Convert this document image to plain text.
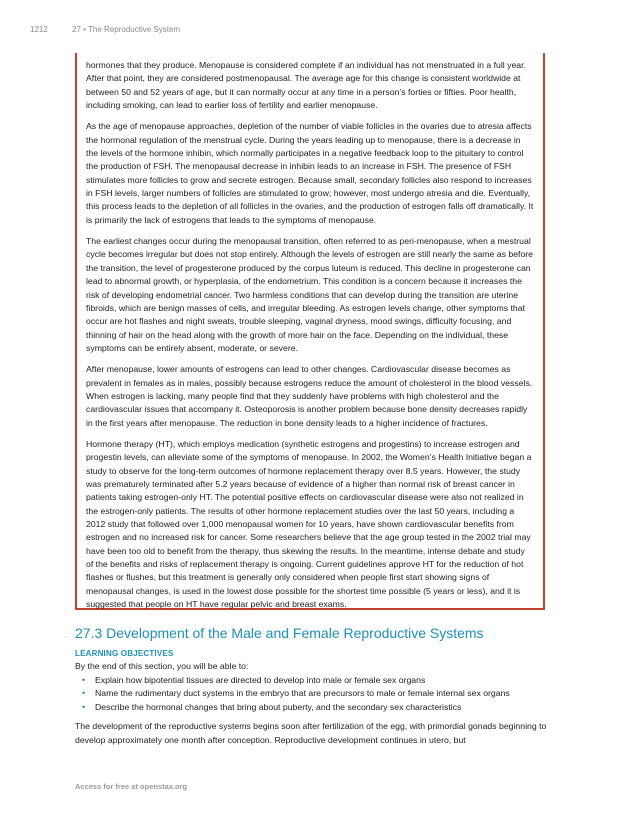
1212	27 • The Reproductive System

hormones that they produce. Menopause is considered complete if an individual has not menstruated in a full year. After that point, they are considered postmenopausal. The average age for this change is consistent worldwide at between 50 and 52 years of age, but it can normally occur at any time in a person’s forties or fifties. Poor health, including smoking, can lead to earlier loss of fertility and earlier menopause.

As the age of menopause approaches, depletion of the number of viable follicles in the ovaries due to atresia affects the hormonal regulation of the menstrual cycle. During the years leading up to menopause, there is a decrease in the levels of the hormone inhibin, which normally participates in a negative feedback loop to the pituitary to control the production of FSH. The menopausal decrease in inhibin leads to an increase in FSH. The presence of FSH stimulates more follicles to grow and secrete estrogen. Because small, secondary follicles also respond to increases in FSH levels, larger numbers of follicles are stimulated to grow; however, most undergo atresia and die. Eventually, this process leads to the depletion of all follicles in the ovaries, and the production of estrogen falls off dramatically. It is primarily the lack of estrogens that leads to the symptoms of menopause.

The earliest changes occur during the menopausal transition, often referred to as peri-menopause, when a mestrual cycle becomes irregular but does not stop entirely. Although the levels of estrogen are still nearly the same as before the transition, the level of progesterone produced by the corpus luteum is reduced. This decline in progesterone can lead to abnormal growth, or hyperplasia, of the endometrium. This condition is a concern because it increases the risk of developing endometrial cancer. Two harmless conditions that can develop during the transition are uterine fibroids, which are benign masses of cells, and irregular bleeding. As estrogen levels change, other symptoms that occur are hot flashes and night sweats, trouble sleeping, vaginal dryness, mood swings, difficulty focusing, and thinning of hair on the head along with the growth of more hair on the face. Depending on the individual, these symptoms can be entirely absent, moderate, or severe.

After menopause, lower amounts of estrogens can lead to other changes. Cardiovascular disease becomes as prevalent in females as in males, possibly because estrogens reduce the amount of cholesterol in the blood vessels. When estrogen is lacking, many people find that they suddenly have problems with high cholesterol and the cardiovascular issues that accompany it. Osteoporosis is another problem because bone density decreases rapidly in the first years after menopause. The reduction in bone density leads to a higher incidence of fractures.

Hormone therapy (HT), which employs medication (synthetic estrogens and progestins) to increase estrogen and progestin levels, can alleviate some of the symptoms of menopause. In 2002, the Women’s Health Initiative began a study to observe for the long-term outcomes of hormone replacement therapy over 8.5 years. However, the study was prematurely terminated after 5.2 years because of evidence of a higher than normal risk of breast cancer in patients taking estrogen-only HT. The potential positive effects on cardiovascular disease were also not realized in the estrogen-only patients. The results of other hormone replacement studies over the last 50 years, including a 2012 study that followed over 1,000 menopausal women for 10 years, have shown cardiovascular benefits from estrogen and no increased risk for cancer. Some researchers believe that the age group tested in the 2002 trial may have been too old to benefit from the therapy, thus skewing the results. In the meantime, intense debate and study of the benefits and risks of replacement therapy is ongoing. Current guidelines approve HT for the reduction of hot flashes or flushes, but this treatment is generally only considered when people first start showing signs of menopausal changes, is used in the lowest dose possible for the shortest time possible (5 years or less), and it is suggested that people on HT have regular pelvic and breast exams.

27.3 Development of the Male and Female Reproductive Systems
LEARNING OBJECTIVES

By the end of this section, you will be able to:

• Explain how bipotential tissues are directed to develop into male or female sex organs
• Name the rudimentary duct systems in the embryo that are precursors to male or female internal sex organs
• Describe the hormonal changes that bring about puberty, and the secondary sex characteristics

The development of the reproductive systems begins soon after fertilization of the egg, with primordial gonads beginning to develop approximately one month after conception. Reproductive development continues in utero, but

Access for free at openstax.org
